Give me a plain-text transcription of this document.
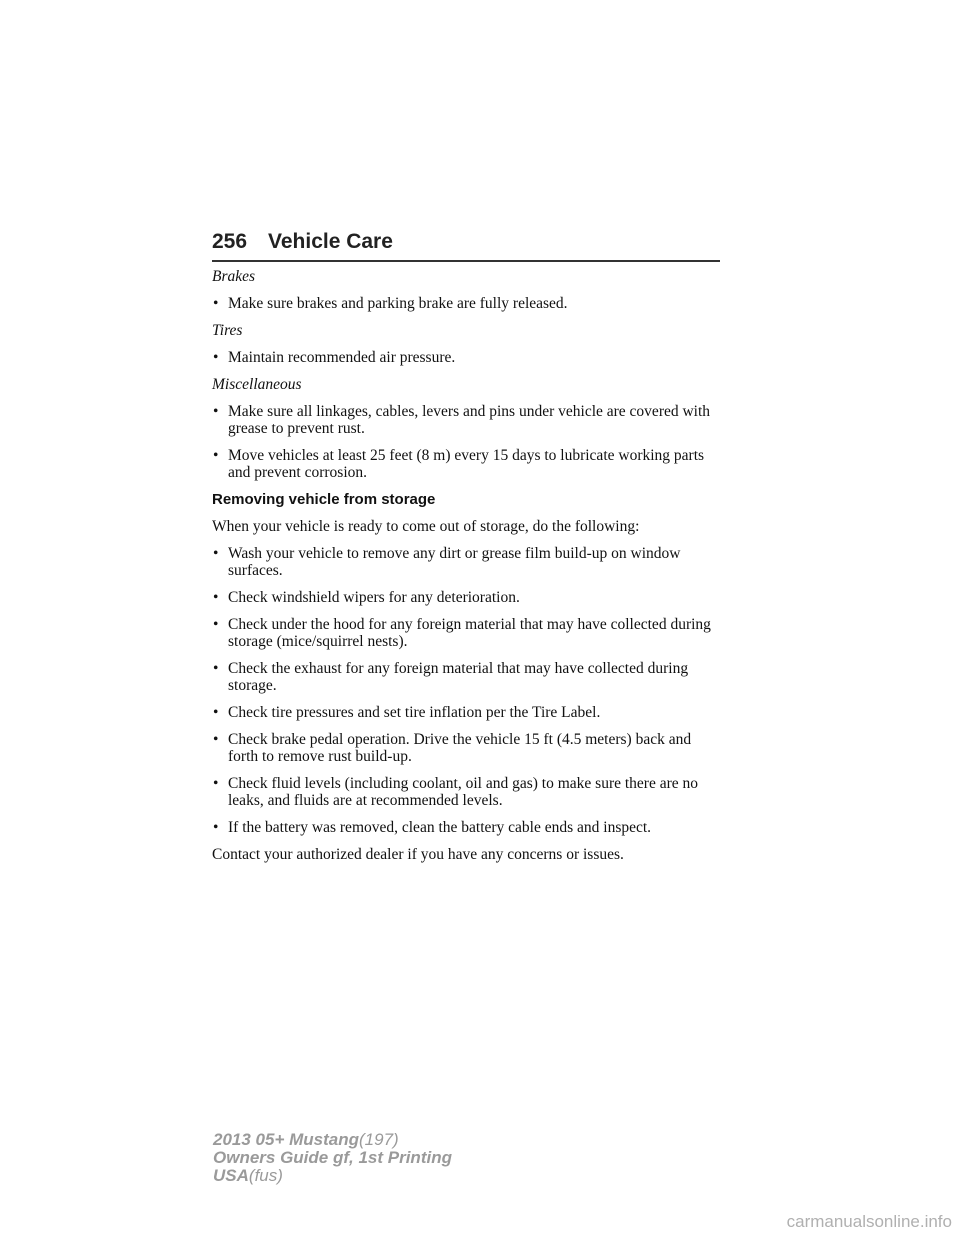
256 Vehicle Care
Brakes
• Make sure brakes and parking brake are fully released.
Tires
• Maintain recommended air pressure.
Miscellaneous
• Make sure all linkages, cables, levers and pins under vehicle are covered with grease to prevent rust.
• Move vehicles at least 25 feet (8 m) every 15 days to lubricate working parts and prevent corrosion.
Removing vehicle from storage
When your vehicle is ready to come out of storage, do the following:
• Wash your vehicle to remove any dirt or grease film build-up on window surfaces.
• Check windshield wipers for any deterioration.
• Check under the hood for any foreign material that may have collected during storage (mice/squirrel nests).
• Check the exhaust for any foreign material that may have collected during storage.
• Check tire pressures and set tire inflation per the Tire Label.
• Check brake pedal operation. Drive the vehicle 15 ft (4.5 meters) back and forth to remove rust build-up.
• Check fluid levels (including coolant, oil and gas) to make sure there are no leaks, and fluids are at recommended levels.
• If the battery was removed, clean the battery cable ends and inspect.
Contact your authorized dealer if you have any concerns or issues.
2013 05+ Mustang(197)
Owners Guide gf, 1st Printing
USA(fus)
carmanualsonline.info
